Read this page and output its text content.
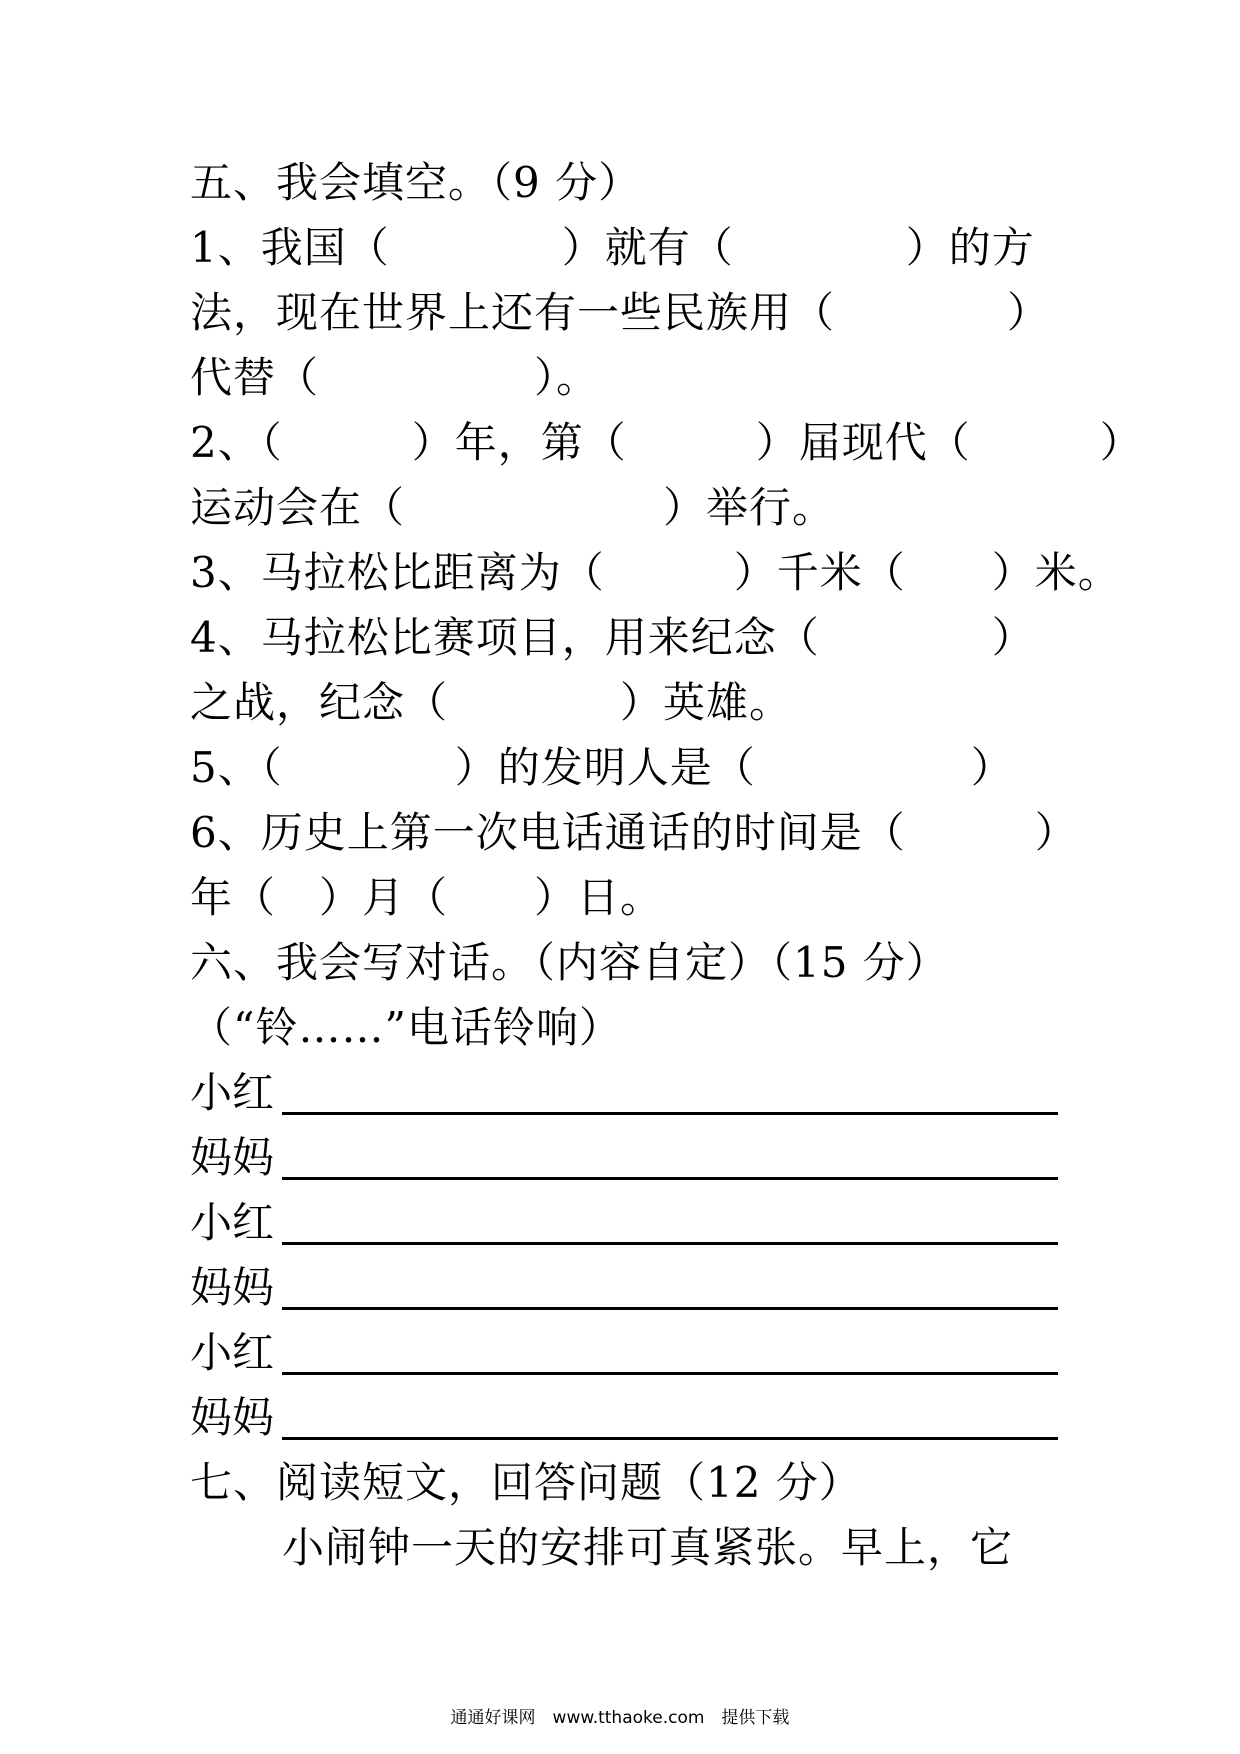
五、我会填空。（9 分）
1、我国（　　　　）就有（　　　　）的方
法，现在世界上还有一些民族用（　　　　）
代替（　　　　　）。
2、（　　　）年，第（　　　）届现代（　　　）
运动会在（　　　　　　）举行。
3、马拉松比距离为（　　　）千米（　　）米。
4、马拉松比赛项目，用来纪念（　　　　）
之战，纪念（　　　　）英雄。
5、（　　　　）的发明人是（　　　　　）
6、历史上第一次电话通话的时间是（　　　）
年（　）月（　　）日。
六、我会写对话。（内容自定）（15 分）
（“铃……”电话铃响）
小红
妈妈
小红
妈妈
小红
妈妈
七、阅读短文，回答问题（12 分）
小闹钟一天的安排可真紧张。早上，它
通通好课网　www.tthaoke.com　提供下载
